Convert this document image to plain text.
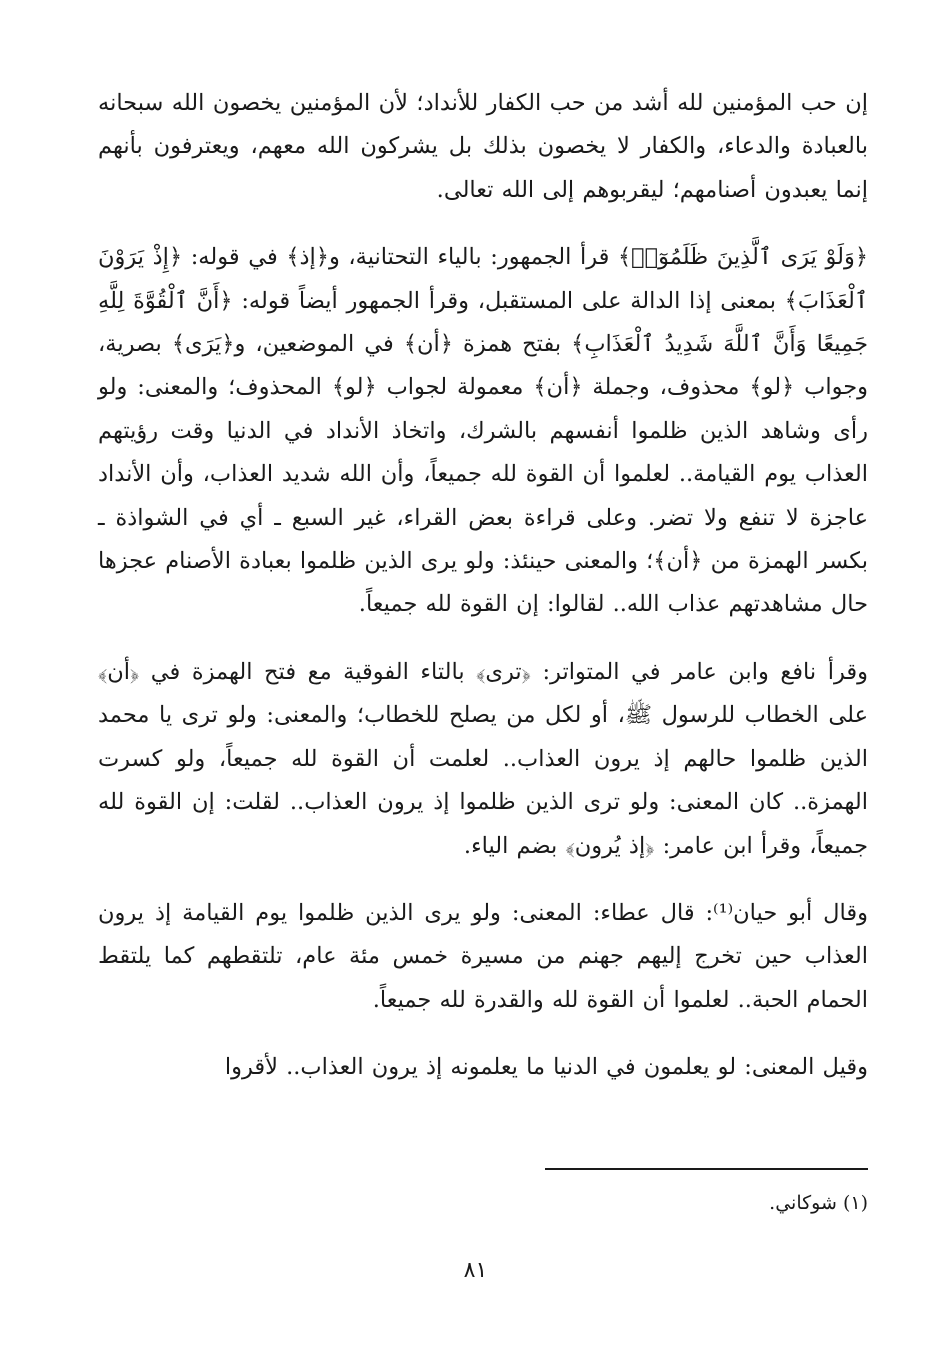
إن حب المؤمنين لله أشد من حب الكفار للأنداد؛ لأن المؤمنين يخصون الله سبحانه بالعبادة والدعاء، والكفار لا يخصون بذلك بل يشركون الله معهم، ويعترفون بأنهم إنما يعبدون أصنامهم؛ ليقربوهم إلى الله تعالى.

﴿وَلَوْ يَرَى ٱلَّذِينَ ظَلَمُوٓا۟﴾ قرأ الجمهور: بالياء التحتانية، و﴿إذ﴾ في قوله: ﴿إِذْ يَرَوْنَ ٱلْعَذَابَ﴾ بمعنى إذا الدالة على المستقبل، وقرأ الجمهور أيضاً قوله: ﴿أَنَّ ٱلْقُوَّةَ لِلَّهِ جَمِيعًا وَأَنَّ ٱللَّهَ شَدِيدُ ٱلْعَذَابِ﴾ بفتح همزة ﴿أن﴾ في الموضعين، و﴿يَرَى﴾ بصرية، وجواب ﴿لو﴾ محذوف، وجملة ﴿أن﴾ معمولة لجواب ﴿لو﴾ المحذوف؛ والمعنى: ولو رأى وشاهد الذين ظلموا أنفسهم بالشرك، واتخاذ الأنداد في الدنيا وقت رؤيتهم العذاب يوم القيامة.. لعلموا أن القوة لله جميعاً، وأن الله شديد العذاب، وأن الأنداد عاجزة لا تنفع ولا تضر. وعلى قراءة بعض القراء، غير السبع ـ أي في الشواذة ـ بكسر الهمزة من ﴿أن﴾؛ والمعنى حينئذ: ولو يرى الذين ظلموا بعبادة الأصنام عجزها حال مشاهدتهم عذاب الله.. لقالوا: إن القوة لله جميعاً.

وقرأ نافع وابن عامر في المتواتر: ﴿ترى﴾ بالتاء الفوقية مع فتح الهمزة في ﴿أن﴾ على الخطاب للرسول ﷺ، أو لكل من يصلح للخطاب؛ والمعنى: ولو ترى يا محمد الذين ظلموا حالهم إذ يرون العذاب.. لعلمت أن القوة لله جميعاً، ولو كسرت الهمزة.. كان المعنى: ولو ترى الذين ظلموا إذ يرون العذاب.. لقلت: إن القوة لله جميعاً، وقرأ ابن عامر: ﴿إذ يُرون﴾ بضم الياء.

وقال أبو حيان⁽¹⁾: قال عطاء: المعنى: ولو يرى الذين ظلموا يوم القيامة إذ يرون العذاب حين تخرج إليهم جهنم من مسيرة خمس مئة عام، تلتقطهم كما يلتقط الحمام الحبة.. لعلموا أن القوة لله والقدرة لله جميعاً.

وقيل المعنى: لو يعلمون في الدنيا ما يعلمونه إذ يرون العذاب.. لأقروا

(١) شوكاني.
٨١
